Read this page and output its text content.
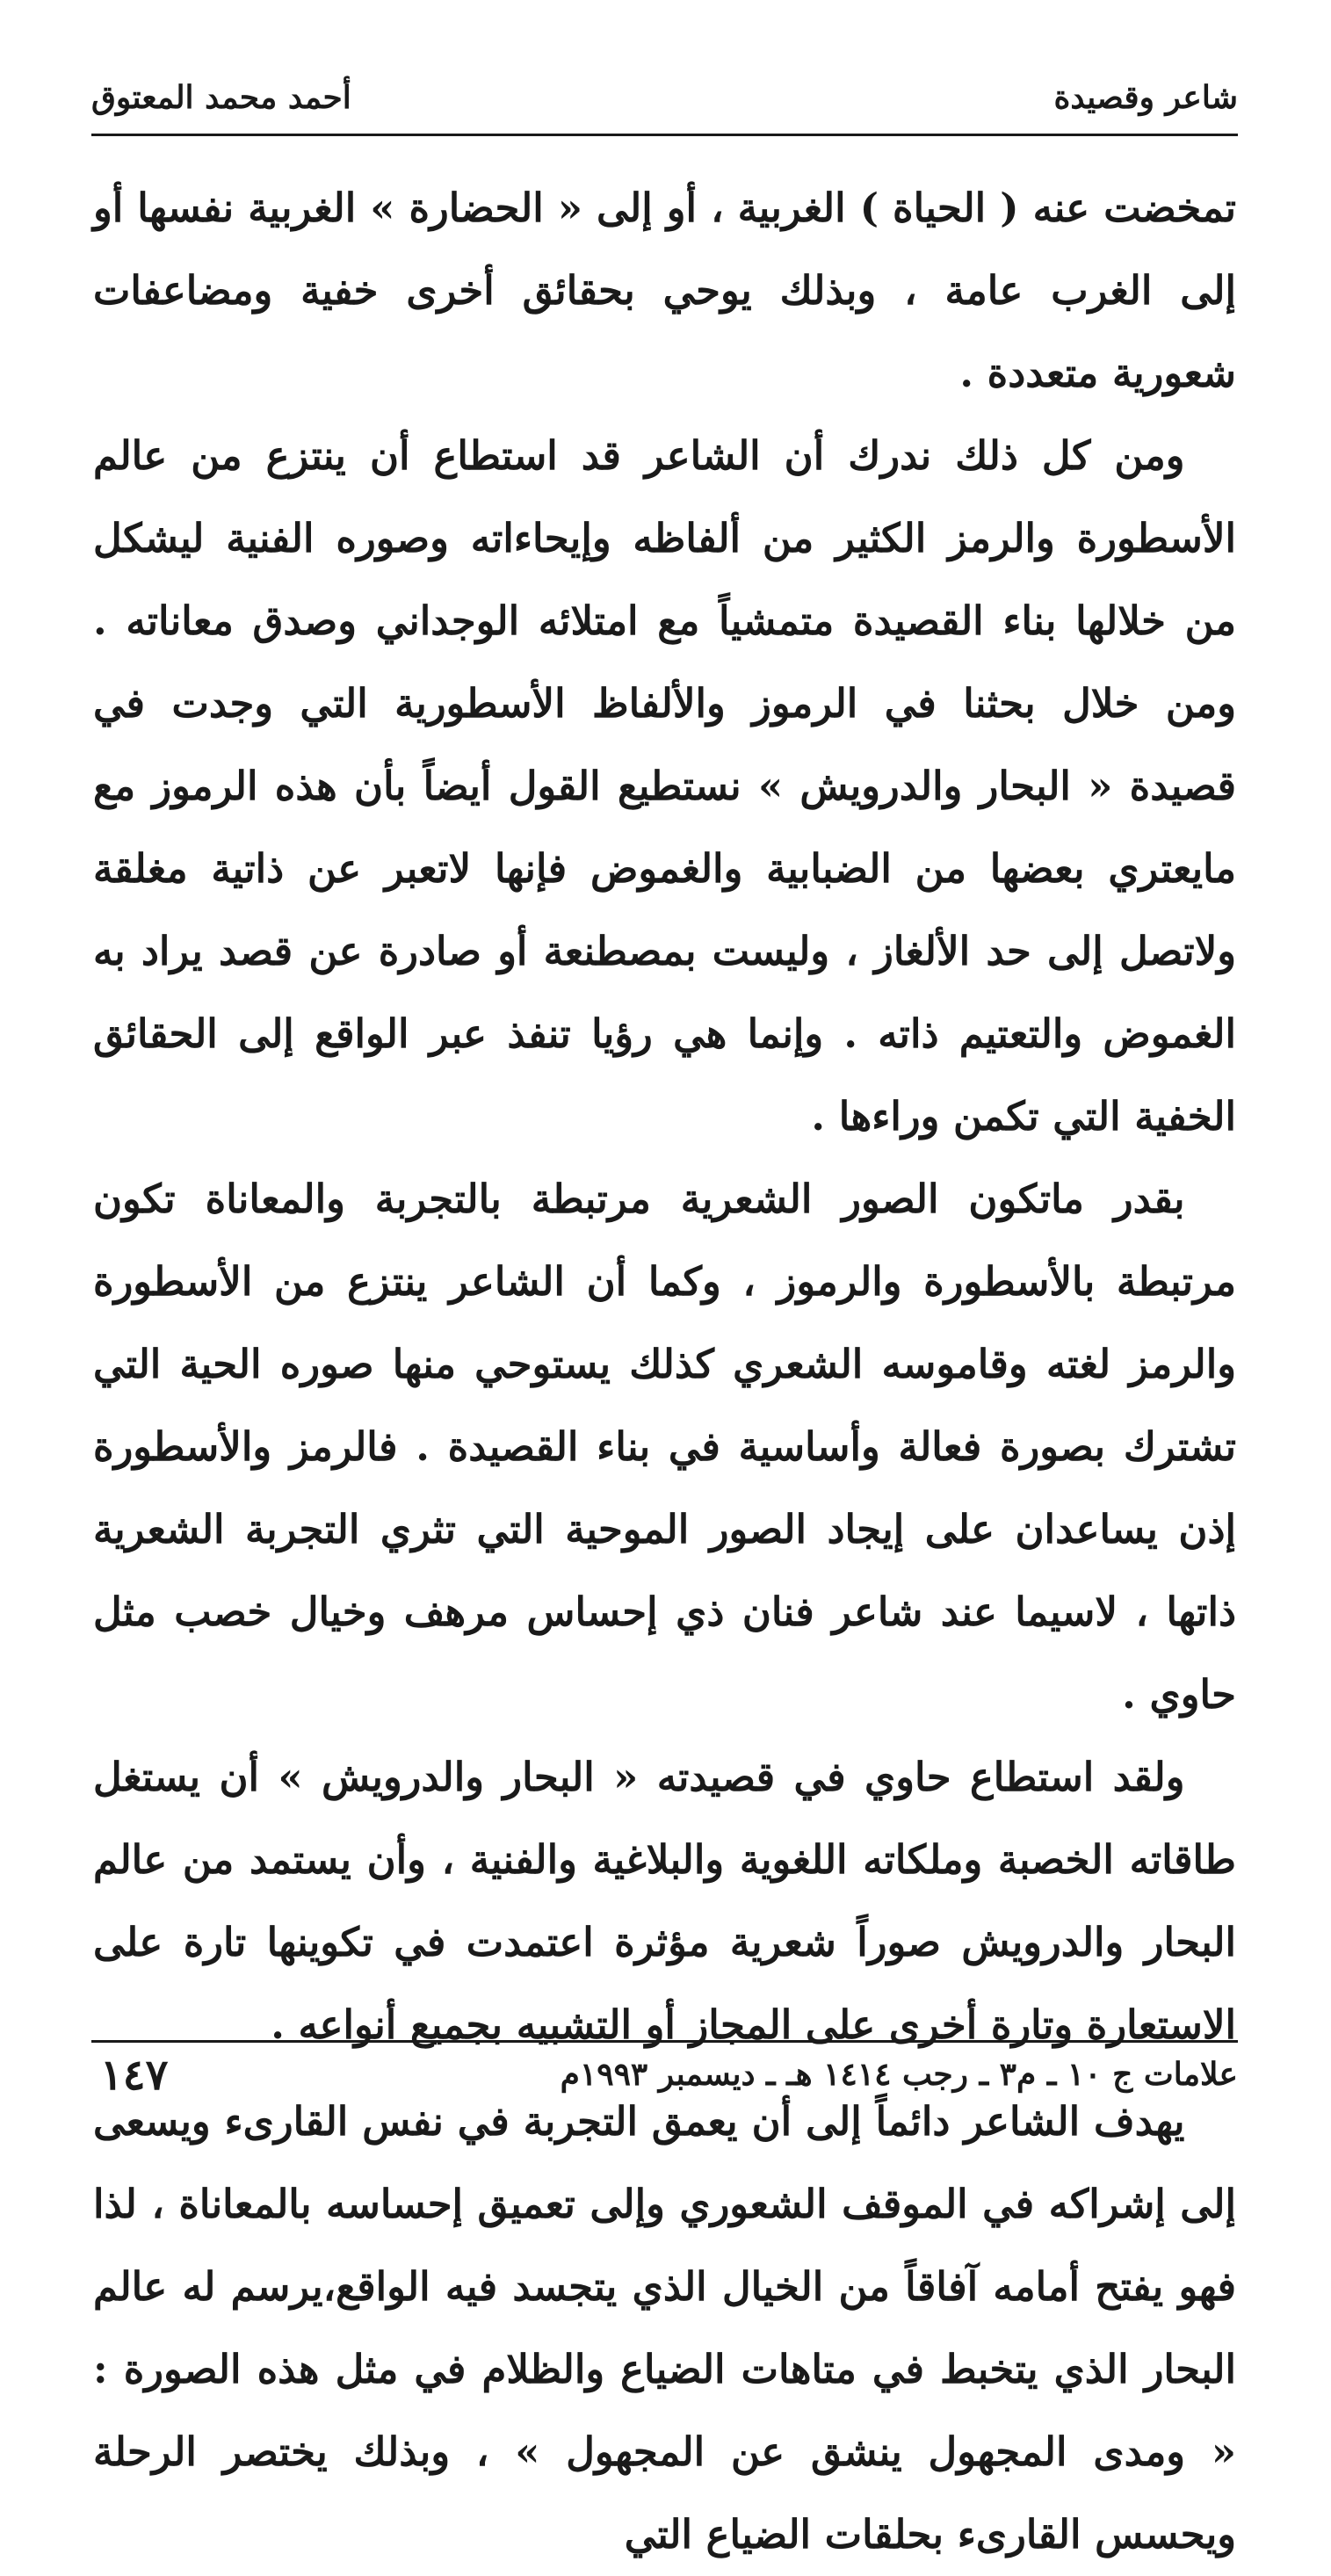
شاعر وقصيدة
أحمد محمد المعتوق

تمخضت عنه ( الحياة ) الغربية ، أو إلى « الحضارة » الغربية نفسها أو إلى الغرب عامة ، وبذلك يوحي بحقائق أخرى خفية ومضاعفات شعورية متعددة .

ومن كل ذلك ندرك أن الشاعر قد استطاع أن ينتزع من عالم الأسطورة والرمز الكثير من ألفاظه وإيحاءاته وصوره الفنية ليشكل من خلالها بناء القصيدة متمشياً مع امتلائه الوجداني وصدق معاناته . ومن خلال بحثنا في الرموز والألفاظ الأسطورية التي وجدت في قصيدة « البحار والدرويش » نستطيع القول أيضاً بأن هذه الرموز مع مايعتري بعضها من الضبابية والغموض فإنها لاتعبر عن ذاتية مغلقة ولاتصل إلى حد الألغاز ، وليست بمصطنعة أو صادرة عن قصد يراد به الغموض والتعتيم ذاته . وإنما هي رؤيا تنفذ عبر الواقع إلى الحقائق الخفية التي تكمن وراءها .

بقدر ماتكون الصور الشعرية مرتبطة بالتجربة والمعاناة تكون مرتبطة بالأسطورة والرموز ، وكما أن الشاعر ينتزع من الأسطورة والرمز لغته وقاموسه الشعري كذلك يستوحي منها صوره الحية التي تشترك بصورة فعالة وأساسية في بناء القصيدة . فالرمز والأسطورة إذن يساعدان على إيجاد الصور الموحية التي تثري التجربة الشعرية ذاتها ، لاسيما عند شاعر فنان ذي إحساس مرهف وخيال خصب مثل حاوي .

ولقد استطاع حاوي في قصيدته « البحار والدرويش » أن يستغل طاقاته الخصبة وملكاته اللغوية والبلاغية والفنية ، وأن يستمد من عالم البحار والدرويش صوراً شعرية مؤثرة اعتمدت في تكوينها تارة على الاستعارة وتارة أخرى على المجاز أو التشبيه بجميع أنواعه .

يهدف الشاعر دائماً إلى أن يعمق التجربة في نفس القارىء ويسعى إلى إشراكه في الموقف الشعوري وإلى تعميق إحساسه بالمعاناة ، لذا فهو يفتح أمامه آفاقاً من الخيال الذي يتجسد فيه الواقع،يرسم له عالم البحار الذي يتخبط في متاهات الضياع والظلام في مثل هذه الصورة : « ومدى المجهول ينشق عن المجهول » ، وبذلك يختصر الرحلة ويحسس القارىء بحلقات الضياع التي

علامات ج ١٠ ـ م٣ ـ رجب ١٤١٤ هـ ـ ديسمبر ١٩٩٣م
١٤٧
